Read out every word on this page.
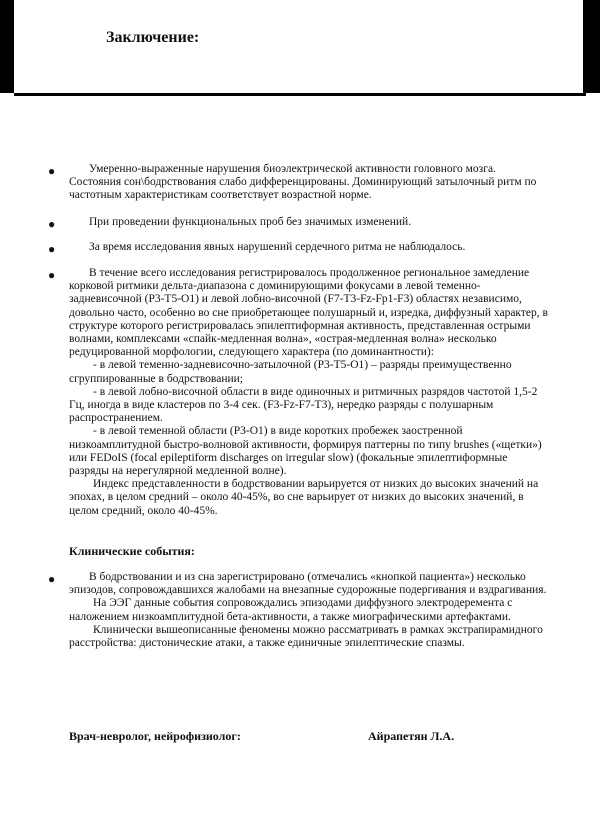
Заключение:
●	Умеренно-выраженные нарушения биоэлектрической активности головного мозга. Состояния сон\бодрствования слабо дифференцированы. Доминирующий затылочный ритм по частотным характеристикам соответствует возрастной норме.
●	При проведении функциональных проб без значимых изменений.
●	За время исследования явных нарушений сердечного ритма не наблюдалось.
●	В течение всего исследования регистрировалось продолженное региональное замедление корковой ритмики дельта-диапазона с доминирующими фокусами в левой теменно-задневисочной (P3-T5-O1) и левой лобно-височной (F7-T3-Fz-Fp1-F3) областях независимо, довольно часто, особенно во сне приобретающее полушарный и, изредка, диффузный характер, в структуре которого регистрировалась эпилептиформная активность, представленная острыми волнами, комплексами «спайк-медленная волна», «острая-медленная волна» несколько редуцированной морфологии, следующего характера (по доминантности):
- в левой теменно-задневисочно-затылочной (P3-T5-O1) – разряды преимущественно сгруппированные в бодрствовании;
- в левой лобно-височной области в виде одиночных и ритмичных разрядов частотой 1,5-2 Гц, иногда в виде кластеров по 3-4 сек. (F3-Fz-F7-T3), нередко разряды с полушарным распространением.
- в левой теменной области (P3-O1) в виде коротких пробежек заостренной низкоамплитудной быстро-волновой активности, формируя паттерны по типу brushes («щетки») или FEDoIS (focal epileptiform discharges on irregular slow) (фокальные эпилептиформные разряды на нерегулярной медленной волне).
Индекс представленности в бодрствовании варьируется от низких до высоких значений на эпохах, в целом средний – около 40-45%, во сне варьирует от низких до высоких значений, в целом средний, около 40-45%.
Клинические события:
●	В бодрствовании и из сна зарегистрировано (отмечались «кнопкой пациента») несколько эпизодов, сопровождавшихся жалобами на внезапные судорожные подергивания и вздрагивания.
На ЭЭГ данные события сопровождались эпизодами диффузного электродеремента с наложением низкоамплитудной бета-активности, а также миографическими артефактами.
Клинически вышеописанные феномены можно рассматривать в рамках экстрапирамидного расстройства: дистонические атаки, а также единичные эпилептические спазмы.
Врач-невролог, нейрофизиолог:	Айрапетян Л.А.
